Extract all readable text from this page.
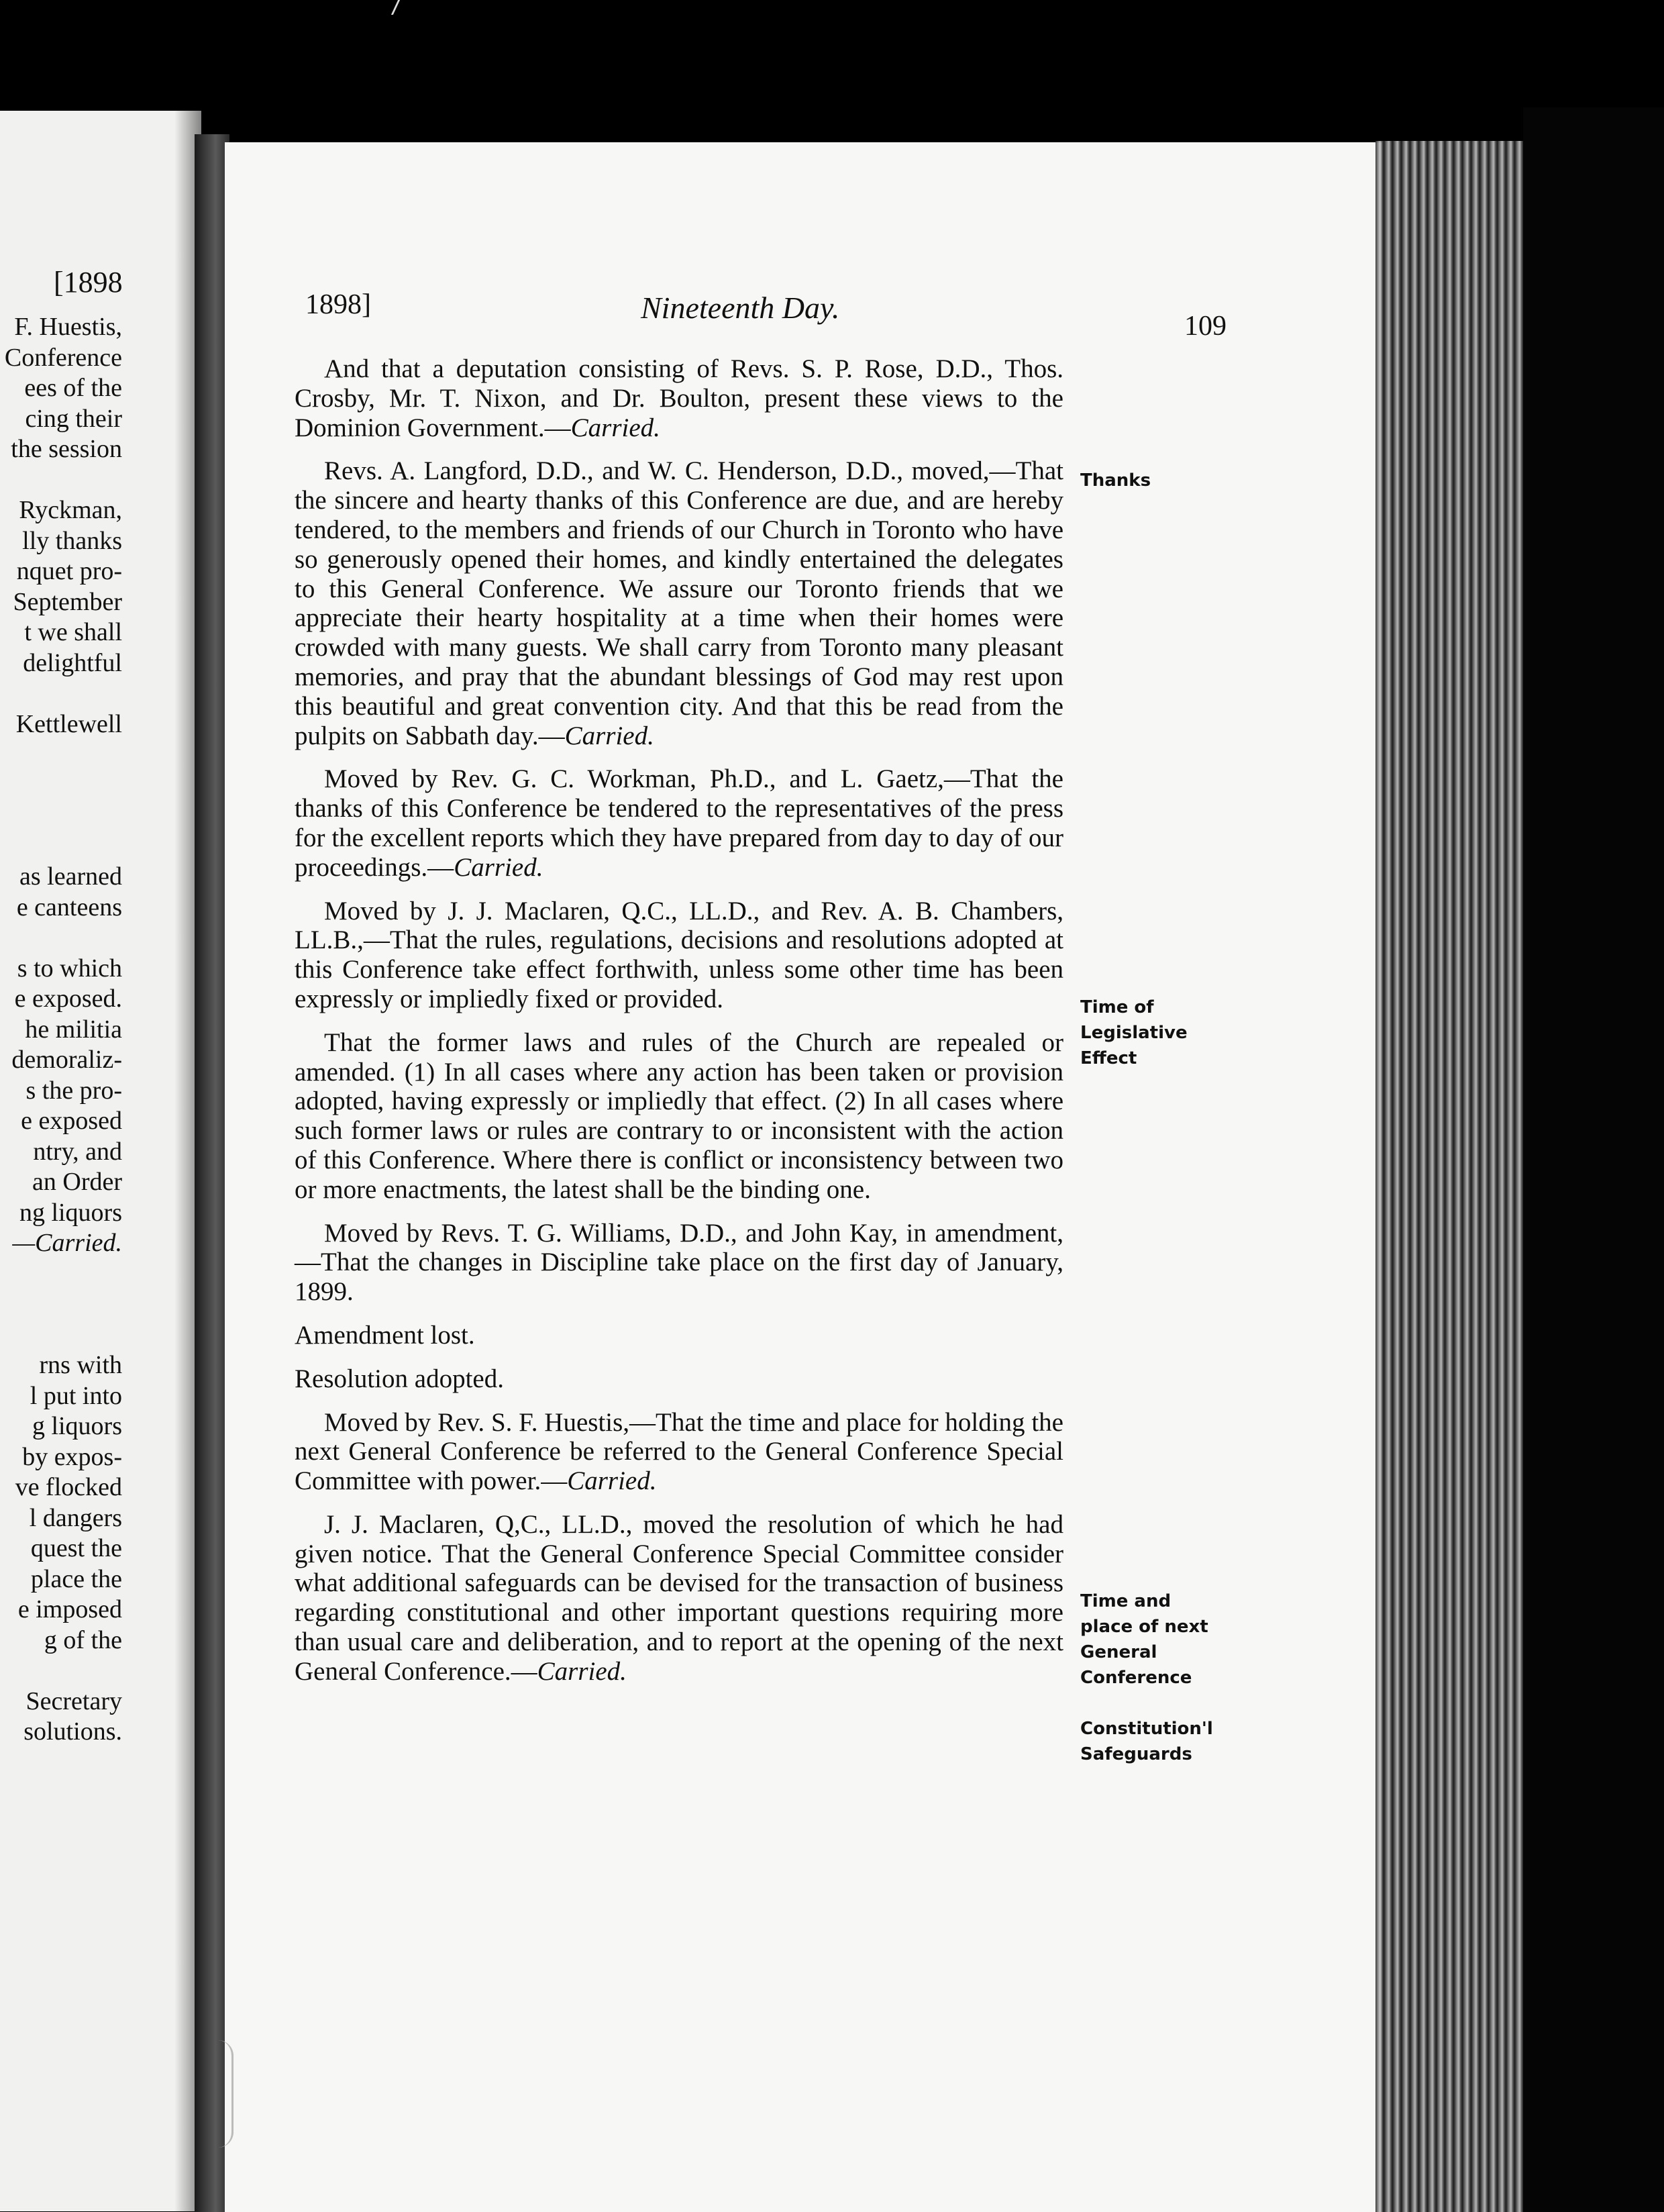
[1898
F. Huestis,
Conference
ees of the
cing their
the session
Ryckman,
lly thanks
nquet pro-
September
t we shall
delightful
Kettlewell
as learned
e canteens
s to which
e exposed.
he militia
demoraliz-
s the pro-
e exposed
ntry, and
an Order
ng liquors
—Carried.
rns with
l put into
g liquors
by expos-
ve flocked
l dangers
quest the
place the
e imposed
g of the
Secretary
solutions.
1898]	Nineteenth Day.
109

And that a deputation consisting of Revs. S. P. Rose, D.D., Thos. Crosby, Mr. T. Nixon, and Dr. Boulton, present these views to the Dominion Government.—Carried.

Revs. A. Langford, D.D., and W. C. Henderson, D.D., moved,—That the sincere and hearty thanks of this Conference are due, and are hereby tendered, to the members and friends of our Church in Toronto who have so generously opened their homes, and kindly entertained the delegates to this General Conference. We assure our Toronto friends that we appreciate their hearty hospitality at a time when their homes were crowded with many guests. We shall carry from Toronto many pleasant memories, and pray that the abundant blessings of God may rest upon this beautiful and great convention city. And that this be read from the pulpits on Sabbath day.—Carried.

Moved by Rev. G. C. Workman, Ph.D., and L. Gaetz,—That the thanks of this Conference be tendered to the representatives of the press for the excellent reports which they have prepared from day to day of our proceedings.—Carried.

Moved by J. J. Maclaren, Q.C., LL.D., and Rev. A. B. Chambers, LL.B.,—That the rules, regulations, decisions and resolutions adopted at this Conference take effect forthwith, unless some other time has been expressly or impliedly fixed or provided.

That the former laws and rules of the Church are repealed or amended. (1) In all cases where any action has been taken or provision adopted, having expressly or impliedly that effect. (2) In all cases where such former laws or rules are contrary to or inconsistent with the action of this Conference. Where there is conflict or inconsistency between two or more enactments, the latest shall be the binding one.

Moved by Revs. T. G. Williams, D.D., and John Kay, in amendment,—That the changes in Discipline take place on the first day of January, 1899.

Amendment lost.

Resolution adopted.

Moved by Rev. S. F. Huestis,—That the time and place for holding the next General Conference be referred to the General Conference Special Committee with power.—Carried.

J. J. Maclaren, Q,C., LL.D., moved the resolution of which he had given notice. That the General Conference Special Committee consider what additional safeguards can be devised for the transaction of business regarding constitutional and other important questions requiring more than usual care and deliberation, and to report at the opening of the next General Conference.—Carried.

Thanks
Time of
Legislative
Effect
Time and
place of next
General
Conference
Constitution'l
Safeguards
